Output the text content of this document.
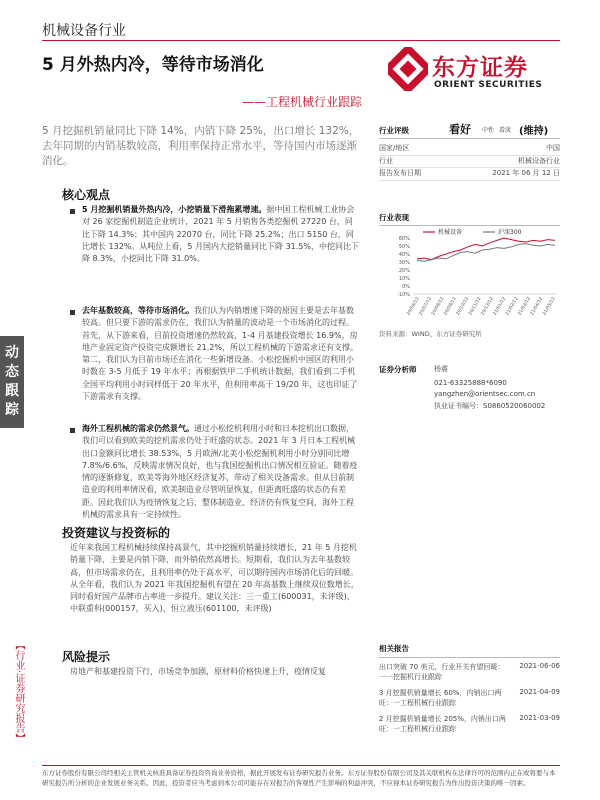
机械设备行业
5 月外热内冷，等待市场消化
——工程机械行业跟踪
东方证券
ORIENT SECURITIES
5 月挖掘机销量同比下降 14%，内销下降 25%，出口增长 132%，去年同期的内销基数较高，利用率保持正常水平，等待国内市场逐渐消化。
动态跟踪
【行业·证券研究报告】
核心观点
5 月挖掘机销量外热内冷，小挖销量下滑拖累增速。据中国工程机械工业协会对 26 家挖掘机制造企业统计，2021 年 5 月销售各类挖掘机 27220 台，同比下降 14.3%；其中国内 22070 台，同比下降 25.2%；出口 5150 台，同比增长 132%。从吨位上看，5 月国内大挖销量同比下降 31.5%，中挖同比下降 8.3%，小挖同比下降 31.0%。
去年基数较高，等待市场消化。我们认为内销增速下降的原因主要是去年基数较高。但只要下游的需求仍在，我们认为销量的波动是一个市场消化的过程。首先，从下游来看，目前投资增速仍然较高，1-4 月基建投资增长 16.9%，房地产业固定资产投资完成额增长 21.2%，所以工程机械的下游需求还有支撑。第二，我们认为目前市场还在消化一些新增设备。小松挖掘机中国区的利用小时数在 3-5 月低于 19 年水平；再根据铁甲二手机统计数据，我们看到二手机全国平均利用小时同样低于 20 年水平，但利用率高于 19/20 年，这也印证了下游需求有支撑。
海外工程机械的需求仍然景气。通过小松挖机利用小时和日本挖机出口数据，我们可以看到欧美的挖机需求仍处于旺盛的状态。2021 年 3 月日本工程机械出口金额同比增长 38.53%，5 月欧洲/北美小松挖掘机利用小时分别同比增 7.8%/6.6%，反映需求情况良好，也与我国挖掘机出口情况相互验证。随着疫情的逐渐修复，欧美等海外地区经济复苏，带动了相关设备需求。但从目前制造业的利用率情况看，欧美制造业尽管明显恢复，但距离旺盛的状态仍有差距。因此我们认为疫情恢复之后，整体制造业、经济仍有恢复空间，海外工程机械的需求具有一定持续性。
投资建议与投资标的
近年来我国工程机械持续保持高景气，其中挖掘机销量持续增长，21 年 5 月挖机销量下降，主要是内销下降，而外销依然高增长。短期看，我们认为去年基数较高，但市场需求仍在，且利用率仍处于高水平，可以期待国内市场消化后的回暖。从全年看，我们认为 2021 年我国挖掘机有望在 20 年高基数上继续双位数增长，同时看好国产品牌市占率进一步提升。建议关注：三一重工(600031，未评级)、中联重科(000157，买入)、恒立液压(601100，未评级)
风险提示
房地产和基建投资下行，市场竞争加剧，原材料价格快速上升，疫情反复
行业评级	看好 中性 看淡 (维持)
国家/地区	中国
行业	机械设备行业
报告发布日期	2021 年 06 月 12 日
行业表现
60%
50%
40%
30%
20%
10%
0%
-10%
20/06/12
20/07/12
20/08/12
20/09/12
20/10/12
20/11/12
20/12/12
21/01/12
21/02/12
21/03/12
21/04/12
21/05/12
机械设备	沪深300
资料来源：WIND、东方证券研究所
证券分析师	杨震
021-63325888*6090
yangzhen@orientsec.com.cn
执业证书编号：S0860520060002
相关报告
出口突破 70 美元，行业开关有望回暖：一一挖掘机行业跟踪
2021-06-06
3 月挖掘机销量增长 60%，内销出口两旺：一工程机械行业跟踪
2021-04-09
2 月挖掘机销量增长 205%，内销出口两旺：一工程机械行业跟踪
2021-03-09
东方证券股份有限公司经相关主管机关核准具备证券投资咨询业务资格，据此开展发布证券研究报告业务。东方证券股份有限公司及其关联机构在法律许可的范围内正在或将要与本研究报告所分析的企业发展业务关系。因此，投资者应当考虑到本公司可能存在对报告的客观性产生影响的利益冲突，不应视本证券研究报告为作出投资决策的唯一因素。
